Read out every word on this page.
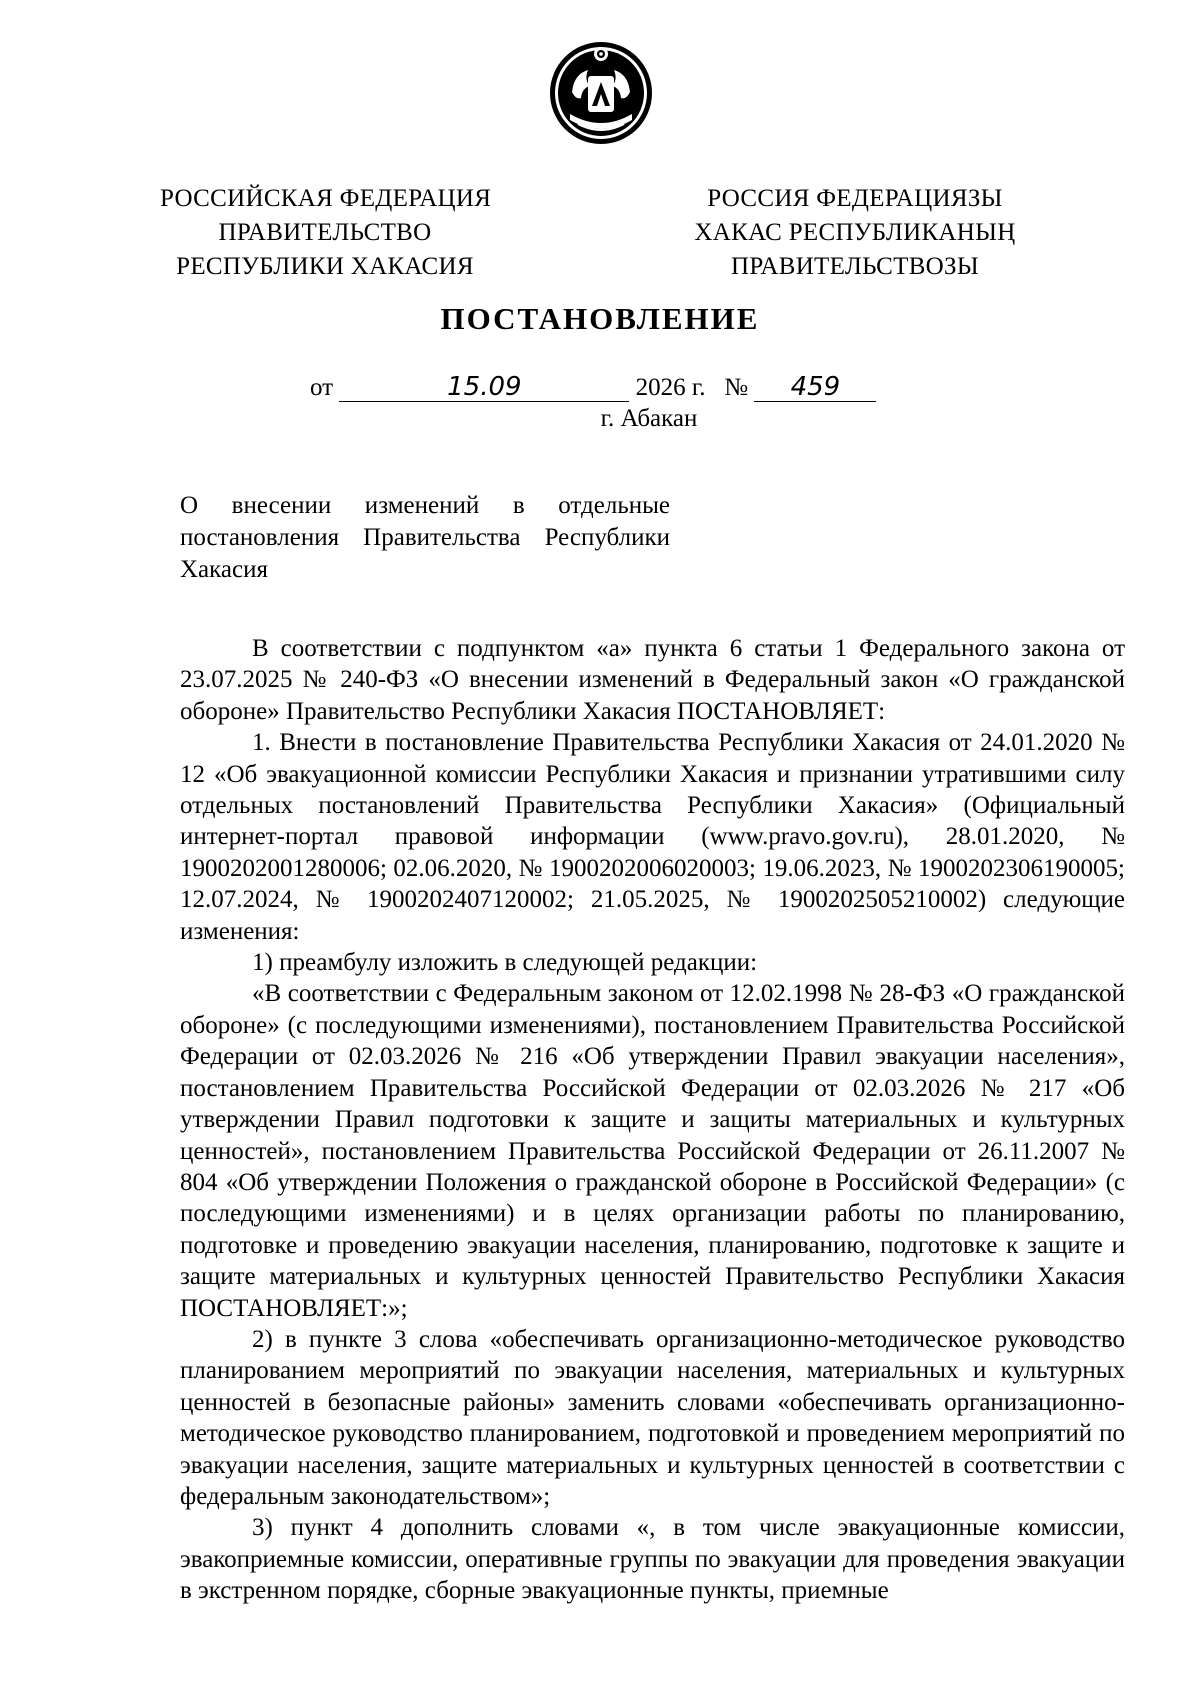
РОССИЙСКАЯ ФЕДЕРАЦИЯ
ПРАВИТЕЛЬСТВО
РЕСПУБЛИКИ ХАКАСИЯ
РОССИЯ ФЕДЕРАЦИЯЗЫ
ХАКАС РЕСПУБЛИКАНЫҢ
ПРАВИТЕЛЬСТВОЗЫ
ПОСТАНОВЛЕНИЕ
от	15.09	2026 г. № 459
г. Абакан
О внесении изменений в отдельные постановления Правительства Республики Хакасия

В соответствии с подпунктом «а» пункта 6 статьи 1 Федерального закона от 23.07.2025 № 240-ФЗ «О внесении изменений в Федеральный закон «О гражданской обороне» Правительство Республики Хакасия ПОСТАНОВЛЯЕТ:

1. Внести в постановление Правительства Республики Хакасия от 24.01.2020 № 12 «Об эвакуационной комиссии Республики Хакасия и признании утратившими силу отдельных постановлений Правительства Республики Хакасия» (Официальный интернет-портал правовой информации (www.pravo.gov.ru), 28.01.2020, № 1900202001280006; 02.06.2020, № 1900202006020003; 19.06.2023, № 1900202306190005; 12.07.2024, № 1900202407120002; 21.05.2025, № 1900202505210002) следующие изменения:

1) преамбулу изложить в следующей редакции:

«В соответствии с Федеральным законом от 12.02.1998 № 28-ФЗ «О гражданской обороне» (с последующими изменениями), постановлением Правительства Российской Федерации от 02.03.2026 № 216 «Об утверждении Правил эвакуации населения», постановлением Правительства Российской Федерации от 02.03.2026 № 217 «Об утверждении Правил подготовки к защите и защиты материальных и культурных ценностей», постановлением Правительства Российской Федерации от 26.11.2007 № 804 «Об утверждении Положения о гражданской обороне в Российской Федерации» (с последующими изменениями) и в целях организации работы по планированию, подготовке и проведению эвакуации населения, планированию, подготовке к защите и защите материальных и культурных ценностей Правительство Республики Хакасия ПОСТАНОВЛЯЕТ:»;

2) в пункте 3 слова «обеспечивать организационно-методическое руководство планированием мероприятий по эвакуации населения, материальных и культурных ценностей в безопасные районы» заменить словами «обеспечивать организационно-методическое руководство планированием, подготовкой и проведением мероприятий по эвакуации населения, защите материальных и культурных ценностей в соответствии с федеральным законодательством»;

3) пункт 4 дополнить словами «, в том числе эвакуационные комиссии, эвакоприемные комиссии, оперативные группы по эвакуации для проведения эвакуации в экстренном порядке, сборные эвакуационные пункты, приемные
